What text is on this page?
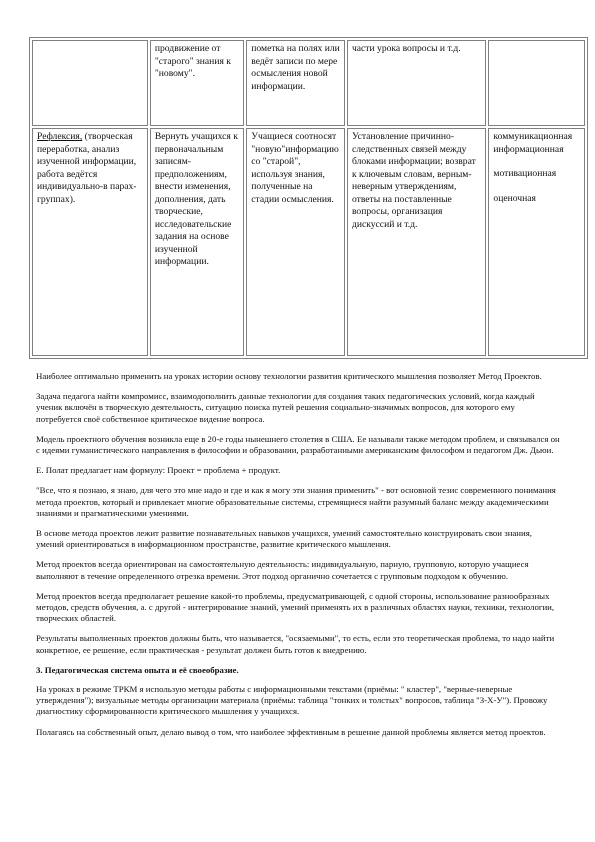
	продвижение от "старого" знания к "новому".	пометка на полях или ведёт записи по мере осмысления новой информации.	части урока вопросы и т.д.	
Рефлексия, (творческая переработка, анализ изученной информации, работа ведётся индивидуально-в парах-группах).	Вернуть учащихся к первоначальным записям-предположениям, внести изменения, дополнения, дать творческие, исследовательские задания на основе изученной информации.	Учащиеся соотносят "новую"информацию со "старой", используя знания, полученные на стадии осмысления.	Установление причинно-следственных связей между блоками информации; возврат к ключевым словам, верным-неверным утверждениям, ответы на поставленные вопросы, организация дискуссий и т.д.	коммуникационная
информационная
мотивационная
оценочная

Наиболее оптимально применить на уроках истории основу технологии развития критического мышления позволяет Метод Проектов.

Задача педагога найти компромисс, взаимодополнить данные технологии для создания таких педагогических условий, когда каждый ученик включён в творческую деятельность, ситуацию поиска путей решения социально-значимых вопросов, для которого ему потребуется своё собственное критическое видение вопроса.

Модель проектного обучения возникла еще в 20-е годы нынешнего столетия в США. Ее называли также методом проблем, и связывался он с идеями гуманистического направления в философии и образовании, разработанными американским философом и педагогом Дж. Дьюи.

Е. Полат предлагает нам формулу: Проект = проблема + продукт.

"Все, что я познаю, я знаю, для чего это мне надо и где и как я могу эти знания применить" - вот основной тезис современного понимания метода проектов, который и привлекает многие образовательные системы, стремящиеся найти разумный баланс между академическими знаниями и прагматическими умениями.

В основе метода проектов лежит развитие познавательных навыков учащихся, умений самостоятельно конструировать свои знания, умений ориентироваться в информационном пространстве, развитие критического мышления.

Метод проектов всегда ориентирован на самостоятельную деятельность: индивидуальную, парную, групповую, которую учащиеся выполняют в течение определенного отрезка времени. Этот подход органично сочетается с групповым подходом к обучению.

Метод проектов всегда предполагает решение какой-то проблемы, предусматривающей, с одной стороны, использование разнообразных методов, средств обучения, а. с другой - интегрирование знаний, умений применять их в различных областях науки, техники, технологии, творческих областей.

Результаты выполненных проектов должны быть, что называется, "осязаемыми", то есть, если это теоретическая проблема, то надо найти конкретное, ее решение, если практическая - результат должен быть готов к внедрению.

3. Педагогическая система опыта и её своеобразие.

На уроках в режиме ТРКМ я использую методы работы с информационными текстами (приёмы: " кластер", "верные-неверные утверждения"); визуальные методы организации материала (приёмы: таблица "тонких и толстых" вопросов, таблица "З-Х-У"). Провожу диагностику сформированности критического мышления у учащихся.

Полагаясь на собственный опыт, делаю вывод о том, что наиболее эффективным в решение данной проблемы является метод проектов.
